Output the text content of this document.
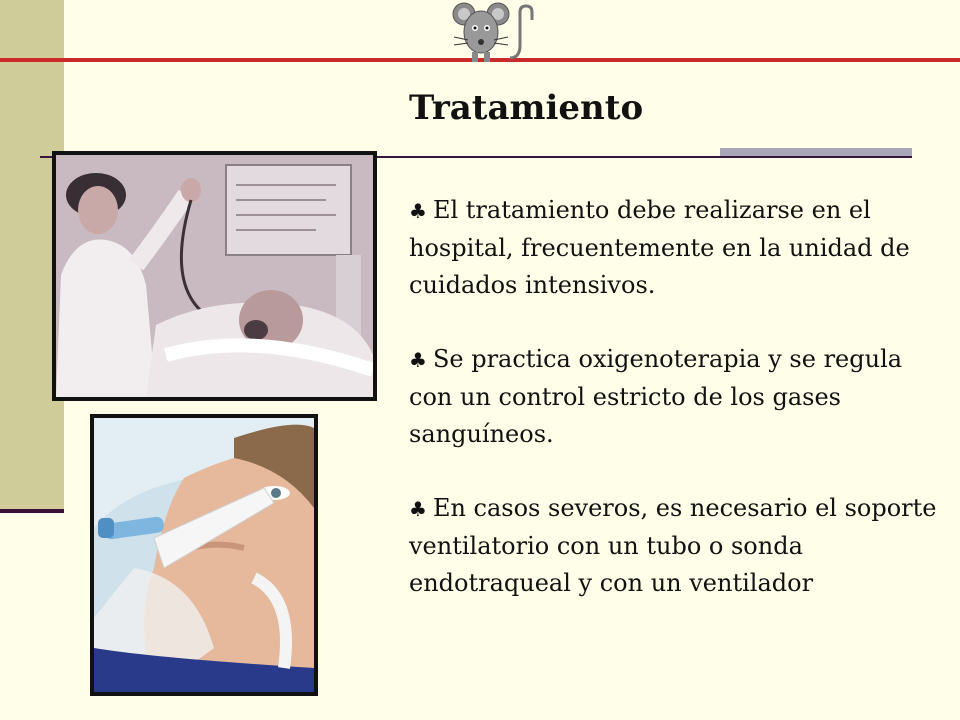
Tratamiento

♣ El tratamiento debe realizarse en el hospital, frecuentemente en la unidad de cuidados intensivos.

♣ Se practica oxigenoterapia y se regula con un control estricto de los gases sanguíneos.

♣ En casos severos, es necesario el soporte ventilatorio con un tubo o sonda endotraqueal y con un ventilador
